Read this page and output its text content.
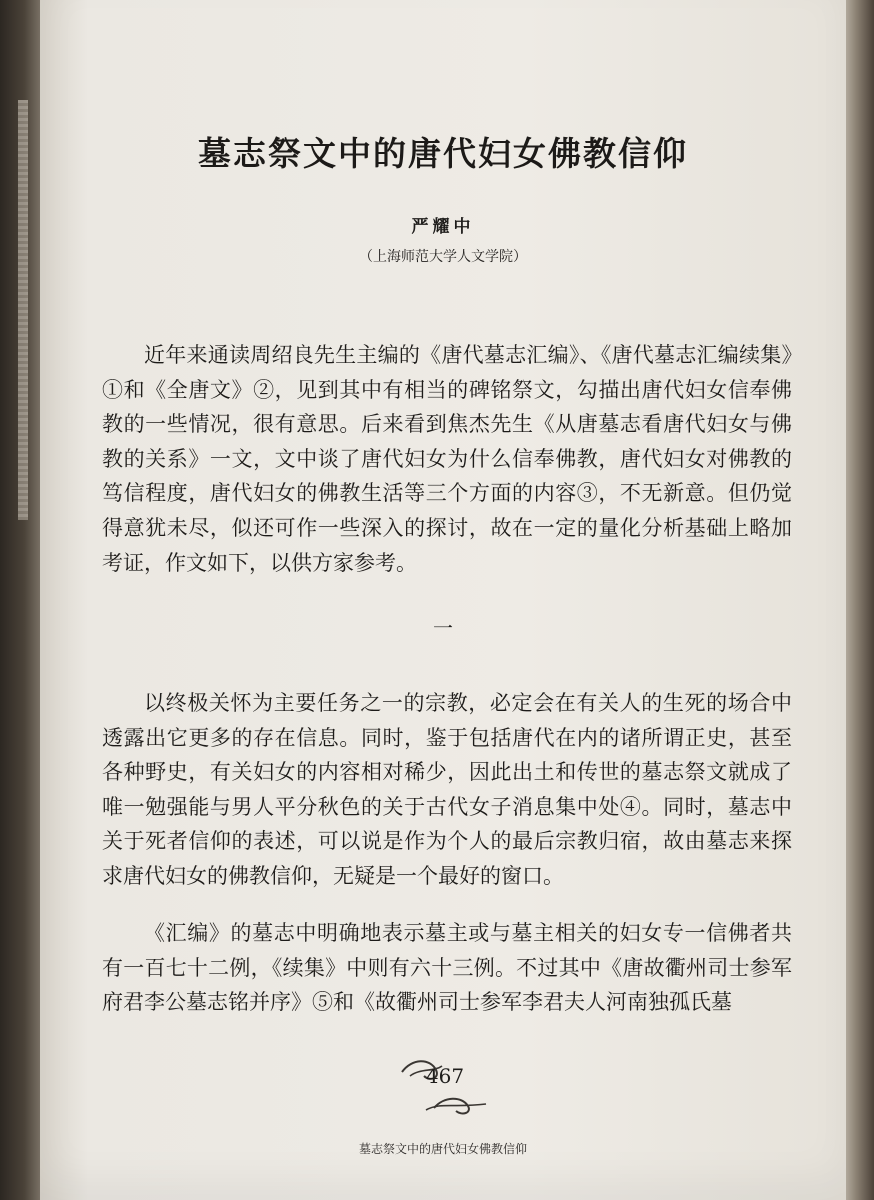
墓志祭文中的唐代妇女佛教信仰
严耀中
（上海师范大学人文学院）

近年来通读周绍良先生主编的《唐代墓志汇编》、《唐代墓志汇编续集》①和《全唐文》②，见到其中有相当的碑铭祭文，勾描出唐代妇女信奉佛教的一些情况，很有意思。后来看到焦杰先生《从唐墓志看唐代妇女与佛教的关系》一文，文中谈了唐代妇女为什么信奉佛教，唐代妇女对佛教的笃信程度，唐代妇女的佛教生活等三个方面的内容③，不无新意。但仍觉得意犹未尽，似还可作一些深入的探讨，故在一定的量化分析基础上略加考证，作文如下，以供方家参考。

一

以终极关怀为主要任务之一的宗教，必定会在有关人的生死的场合中透露出它更多的存在信息。同时，鉴于包括唐代在内的诸所谓正史，甚至各种野史，有关妇女的内容相对稀少，因此出土和传世的墓志祭文就成了唯一勉强能与男人平分秋色的关于古代女子消息集中处④。同时，墓志中关于死者信仰的表述，可以说是作为个人的最后宗教归宿，故由墓志来探求唐代妇女的佛教信仰，无疑是一个最好的窗口。

《汇编》的墓志中明确地表示墓主或与墓主相关的妇女专一信佛者共有一百七十二例，《续集》中则有六十三例。不过其中《唐故衢州司士参军府君李公墓志铭并序》⑤和《故衢州司士参军李君夫人河南独孤氏墓

467
墓志祭文中的唐代妇女佛教信仰
